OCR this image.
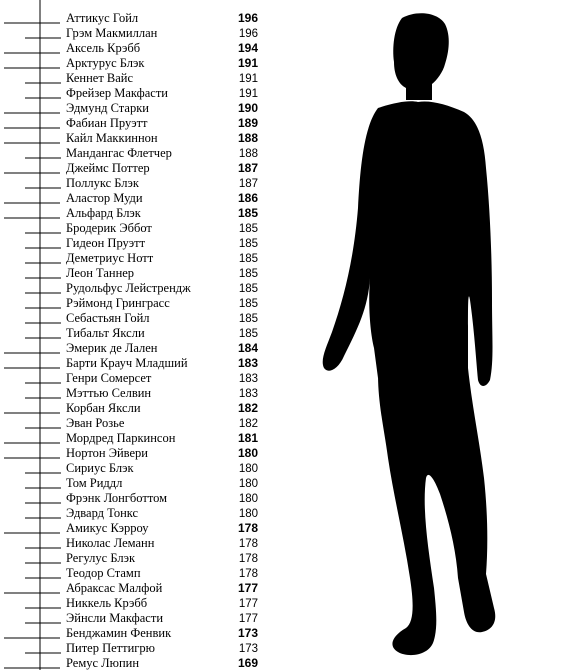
Аттикус Гойл
Грэм Макмиллан
Аксель Крэбб
Арктурус Блэк
Кеннет Вайс
Фрейзер Макфасти
Эдмунд Старки
Фабиан Пруэтт
Кайл Маккиннон
Мандангас Флетчер
Джеймс Поттер
Поллукс Блэк
Аластор Муди
Альфард Блэк
Бродерик Эббот
Гидеон Пруэтт
Деметриус Нотт
Леон Таннер
Рудольфус Лейстрендж
Рэймонд Гринграсс
Себастьян Гойл
Тибальт Яксли
Эмерик де Лален
Барти Крауч Младший
Генри Сомерсет
Мэттью Селвин
Корбан Яксли
Эван Розье
Мордред Паркинсон
Нортон Эйвери
Сириус Блэк
Том Риддл
Фрэнк Лонгботтом
Эдвард Тонкс
Амикус Кэрроу
Николас Леманн
Регулус Блэк
Теодор Стамп
Абраксас Малфой
Никкель Крэбб
Эйнсли Макфасти
Бенджамин Фенвик
Питер Петтигрю
Ремус Люпин
196
196
194
191
191
191
190
189
188
188
187
187
186
185
185
185
185
185
185
185
185
185
184
183
183
183
182
182
181
180
180
180
180
180
178
178
178
178
177
177
177
173
173
169
